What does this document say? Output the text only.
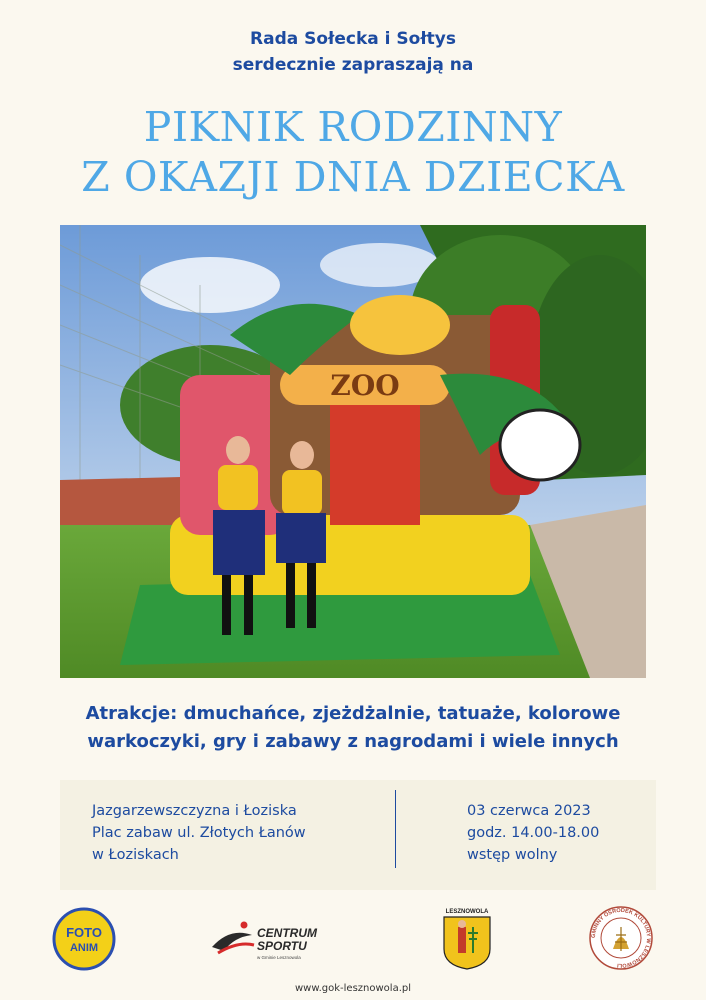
Rada Sołecka i Sołtys
serdecznie zapraszają na
PIKNIK RODZINNY
Z OKAZJI DNIA DZIECKA
ZOO
Atrakcje: dmuchańce, zjeżdżalnie, tatuaże, kolorowe
warkoczyki, gry i zabawy z nagrodami i wiele innych
Jazgarzewszczyzna i Łoziska
Plac zabaw ul. Złotych Łanów
w Łoziskach
03 czerwca 2023
godz. 14.00-18.00
wstęp wolny
FOTO
ANIM
CENTRUM
SPORTU
w Gminie Lesznowola
LESZNOWOLA
GMINNY OŚRODEK KULTURY W LESZNOWOLI
www.gok-lesznowola.pl
